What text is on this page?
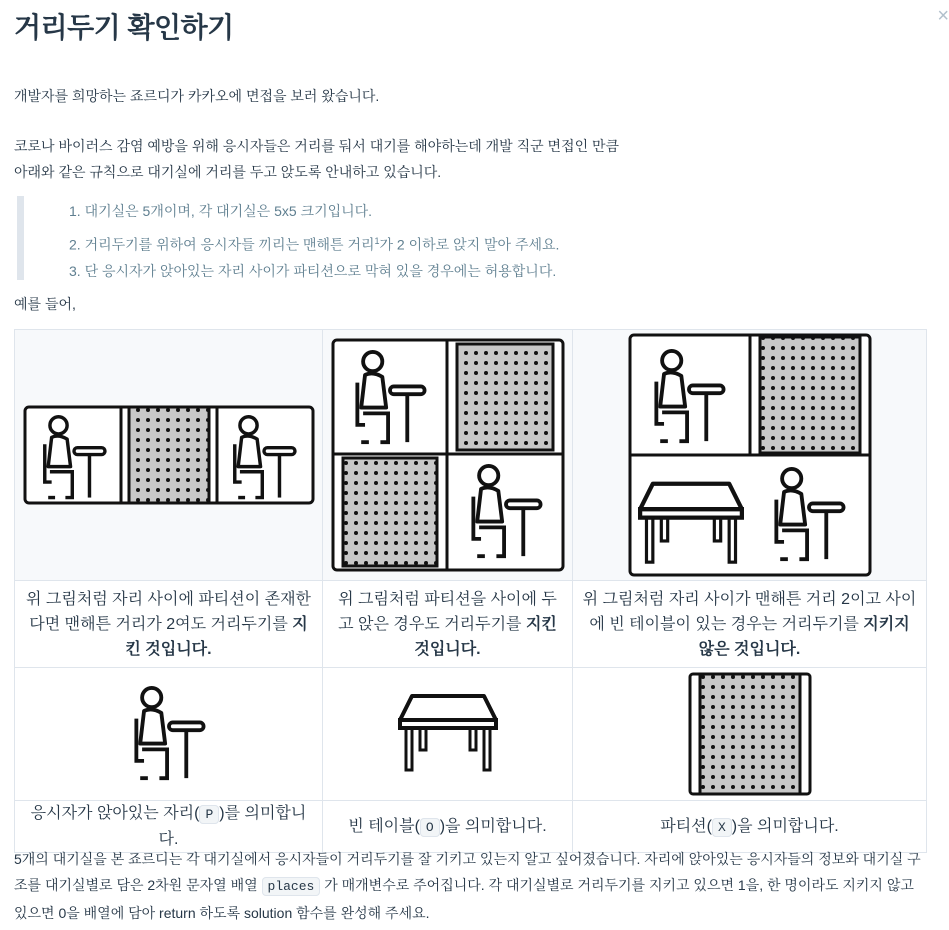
거리두기 확인하기
개발자를 희망하는 죠르디가 카카오에 면접을 보러 왔습니다.
코로나 바이러스 감염 예방을 위해 응시자들은 거리를 둬서 대기를 해야하는데 개발 직군 면접인 만큼
아래와 같은 규칙으로 대기실에 거리를 두고 앉도록 안내하고 있습니다.
1. 대기실은 5개이며, 각 대기실은 5x5 크기입니다.
2. 거리두기를 위하여 응시자들 끼리는 맨해튼 거리$^1$가 2 이하로 앉지 말아 주세요.
3. 단 응시자가 앉아있는 자리 사이가 파티션으로 막혀 있을 경우에는 허용합니다.
예를 들어,

위 그림처럼 자리 사이에 파티션이 존재한다면 맨해튼 거리가 2여도 거리두기를 지킨 것입니다.	위 그림처럼 파티션을 사이에 두고 앉은 경우도 거리두기를 지킨 것입니다.	위 그림처럼 자리 사이가 맨해튼 거리 2이고 사이에 빈 테이블이 있는 경우는 거리두기를 지키지 않은 것입니다.

응시자가 앉아있는 자리( P )를 의미합니다.	빈 테이블( O )을 의미합니다.	파티션( X )을 의미합니다.
5개의 대기실을 본 죠르디는 각 대기실에서 응시자들이 거리두기를 잘 기키고 있는지 알고 싶어졌습니다. 자리에 앉아있는 응시자들의 정보와 대기실 구조를 대기실별로 담은 2차원 문자열 배열 places 가 매개변수로 주어집니다. 각 대기실별로 거리두기를 지키고 있으면 1을, 한 명이라도 지키지 않고 있으면 0을 배열에 담아 return 하도록 solution 함수를 완성해 주세요.
×
